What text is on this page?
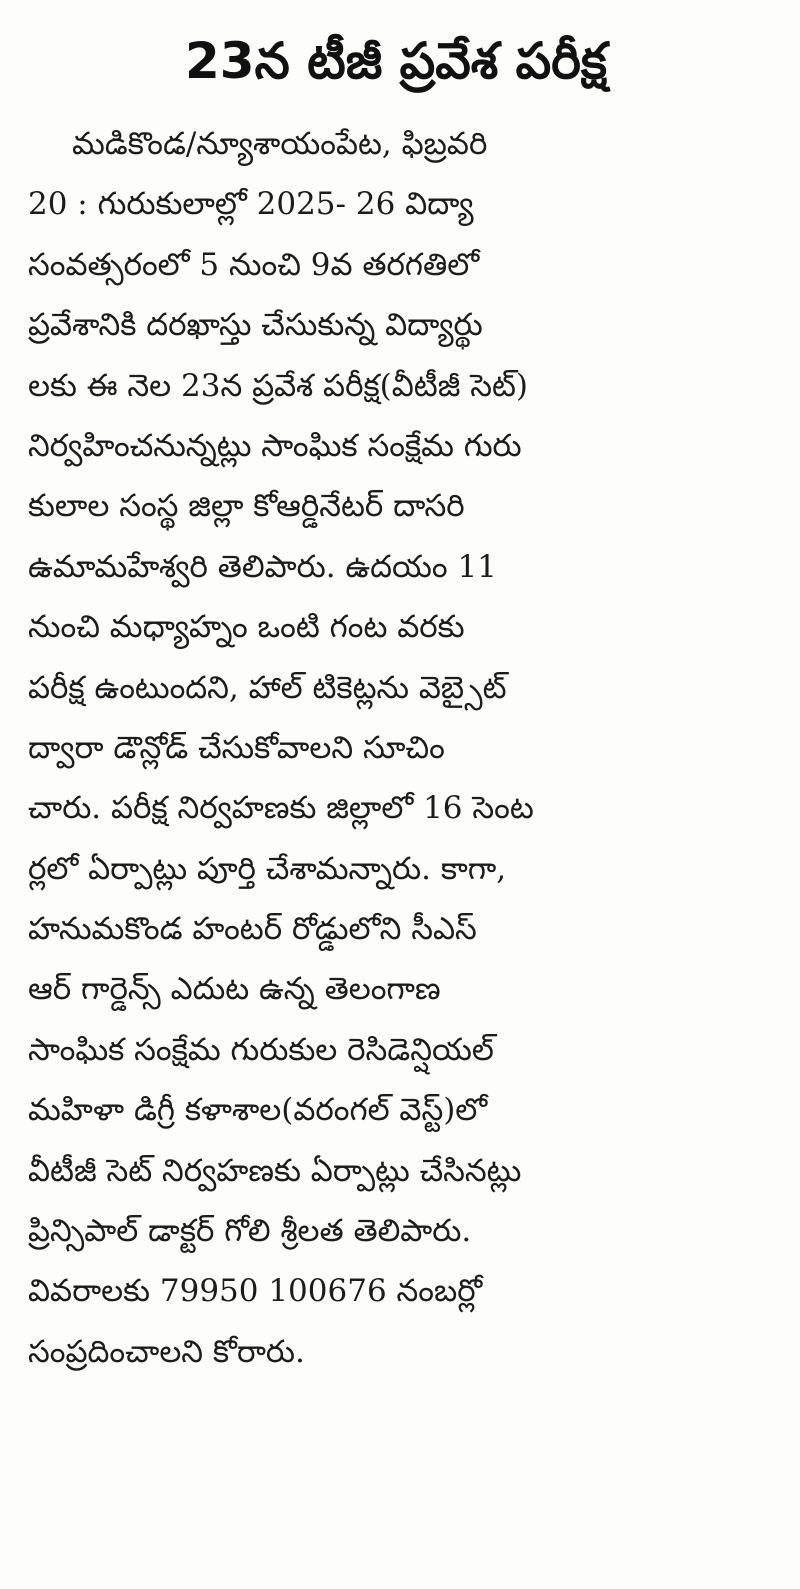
23న టీజీ ప్రవేశ పరీక్ష
మడికొండ/న్యూశాయంపేట, ఫిబ్రవరి
20 : గురుకులాల్లో 2025- 26 విద్యా
సంవత్సరంలో 5 నుంచి 9వ తరగతిలో
ప్రవేశానికి దరఖాస్తు చేసుకున్న విద్యార్థు
లకు ఈ నెల 23న ప్రవేశ పరీక్ష(వీటీజీ సెట్)
నిర్వహించనున్నట్లు సాంఘిక సంక్షేమ గురు
కులాల సంస్థ జిల్లా కోఆర్డినేటర్ దాసరి
ఉమామహేశ్వరి తెలిపారు. ఉదయం 11
నుంచి మధ్యాహ్నం ఒంటి గంట వరకు
పరీక్ష ఉంటుందని, హాల్ టికెట్లను వెబ్సైట్
ద్వారా డౌన్లోడ్ చేసుకోవాలని సూచిం
చారు. పరీక్ష నిర్వహణకు జిల్లాలో 16 సెంట
ర్లలో ఏర్పాట్లు పూర్తి చేశామన్నారు. కాగా,
హనుమకొండ హంటర్ రోడ్డులోని సీఎస్
ఆర్ గార్డెన్స్ ఎదుట ఉన్న తెలంగాణ
సాంఘిక సంక్షేమ గురుకుల రెసిడెన్షియల్
మహిళా డిగ్రీ కళాశాల(వరంగల్ వెస్ట్)లో
వీటీజీ సెట్ నిర్వహణకు ఏర్పాట్లు చేసినట్లు
ప్రిన్సిపాల్ డాక్టర్ గోలి శ్రీలత తెలిపారు.
వివరాలకు 79950 100676 నంబర్లో
సంప్రదించాలని కోరారు.
